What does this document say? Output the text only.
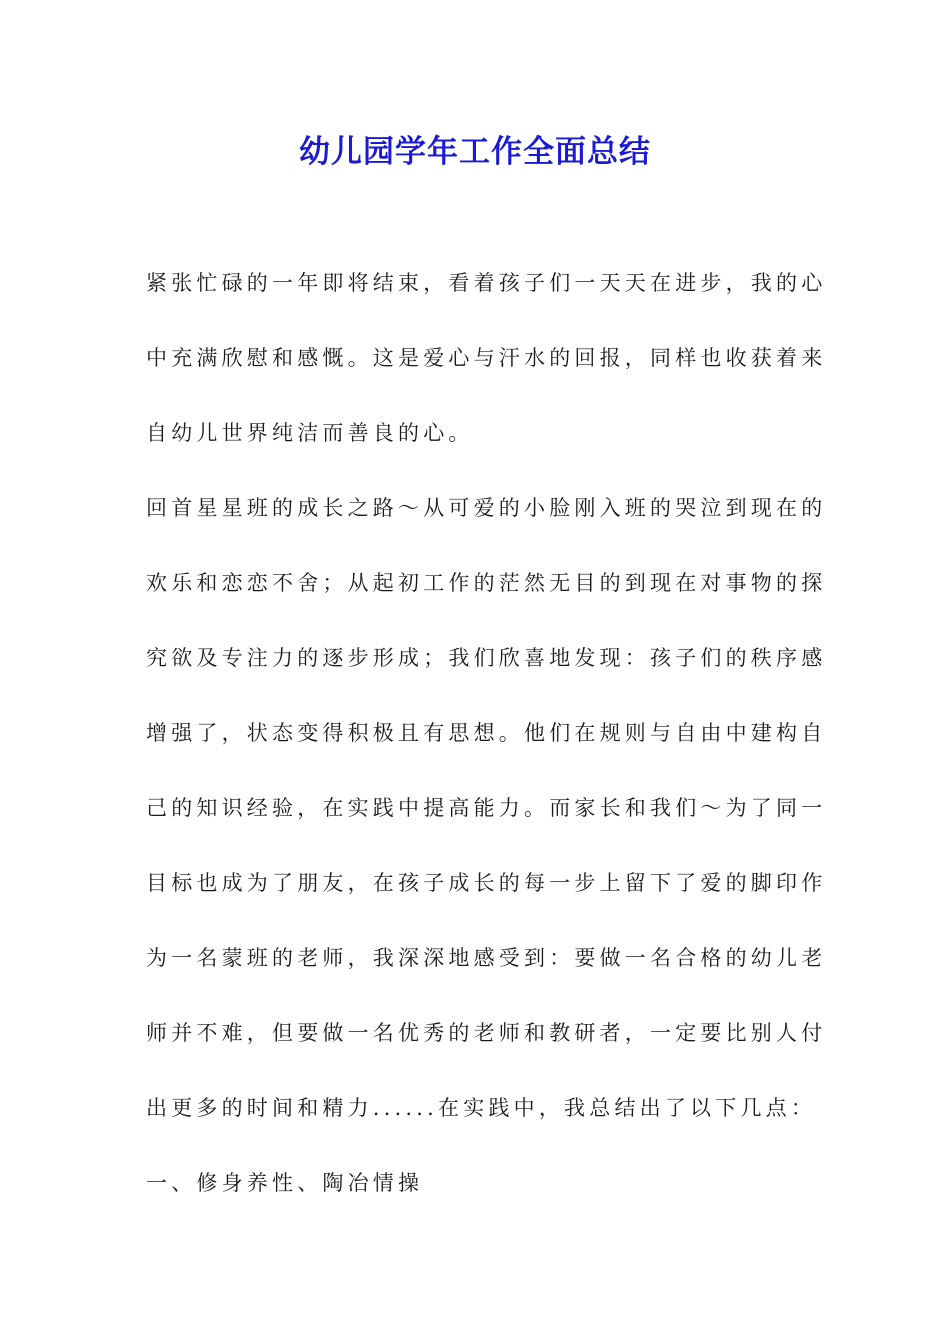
幼儿园学年工作全面总结
紧张忙碌的一年即将结束，看着孩子们一天天在进步，我的心
中充满欣慰和感慨。这是爱心与汗水的回报，同样也收获着来
自幼儿世界纯洁而善良的心。
回首星星班的成长之路～从可爱的小脸刚入班的哭泣到现在的
欢乐和恋恋不舍；从起初工作的茫然无目的到现在对事物的探
究欲及专注力的逐步形成；我们欣喜地发现：孩子们的秩序感
增强了，状态变得积极且有思想。他们在规则与自由中建构自
己的知识经验，在实践中提高能力。而家长和我们～为了同一
目标也成为了朋友，在孩子成长的每一步上留下了爱的脚印作
为一名蒙班的老师，我深深地感受到：要做一名合格的幼儿老
师并不难，但要做一名优秀的老师和教研者，一定要比别人付
出更多的时间和精力......在实践中，我总结出了以下几点：
一、修身养性、陶冶情操
